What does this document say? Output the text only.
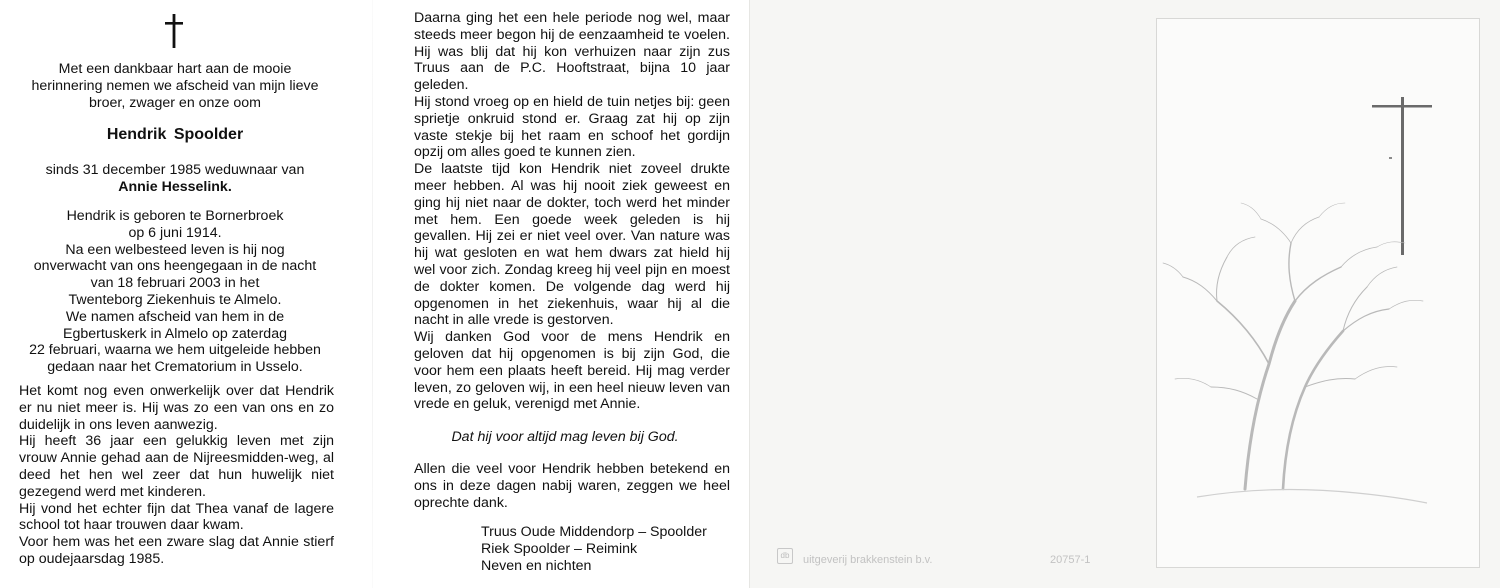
Met een dankbaar hart aan de mooie
herinnering nemen we afscheid van mijn lieve
broer, zwager en onze oom
Hendrik Spoolder
sinds 31 december 1985 weduwnaar van
Annie Hesselink.
Hendrik is geboren te Bornerbroek
op 6 juni 1914.
Na een welbesteed leven is hij nog
onverwacht van ons heengegaan in de nacht
van 18 februari 2003 in het
Twenteborg Ziekenhuis te Almelo.
We namen afscheid van hem in de
Egbertuskerk in Almelo op zaterdag
22 februari, waarna we hem uitgeleide hebben
gedaan naar het Crematorium in Usselo.
Het komt nog even onwerkelijk over dat Hendrik er nu niet meer is. Hij was zo een van ons en zo duidelijk in ons leven aanwezig.
Hij heeft 36 jaar een gelukkig leven met zijn vrouw Annie gehad aan de Nijreesmidden-weg, al deed het hen wel zeer dat hun huwelijk niet gezegend werd met kinderen.
Hij vond het echter fijn dat Thea vanaf de lagere school tot haar trouwen daar kwam.
Voor hem was het een zware slag dat Annie stierf op oudejaarsdag 1985.
Daarna ging het een hele periode nog wel, maar steeds meer begon hij de eenzaamheid te voelen. Hij was blij dat hij kon verhuizen naar zijn zus Truus aan de P.C. Hooftstraat, bijna 10 jaar geleden.
Hij stond vroeg op en hield de tuin netjes bij: geen sprietje onkruid stond er. Graag zat hij op zijn vaste stekje bij het raam en schoof het gordijn opzij om alles goed te kunnen zien.
De laatste tijd kon Hendrik niet zoveel drukte meer hebben. Al was hij nooit ziek geweest en ging hij niet naar de dokter, toch werd het minder met hem. Een goede week geleden is hij gevallen. Hij zei er niet veel over. Van nature was hij wat gesloten en wat hem dwars zat hield hij wel voor zich. Zondag kreeg hij veel pijn en moest de dokter komen. De volgende dag werd hij opgenomen in het ziekenhuis, waar hij al die nacht in alle vrede is gestorven.
Wij danken God voor de mens Hendrik en geloven dat hij opgenomen is bij zijn God, die voor hem een plaats heeft bereid. Hij mag verder leven, zo geloven wij, in een heel nieuw leven van vrede en geluk, verenigd met Annie.
Dat hij voor altijd mag leven bij God.
Allen die veel voor Hendrik hebben betekend en ons in deze dagen nabij waren, zeggen we heel oprechte dank.
Truus Oude Middendorp – Spoolder
Riek Spoolder – Reimink
Neven en nichten
db	uitgeverij brakkenstein b.v.	20757-1
